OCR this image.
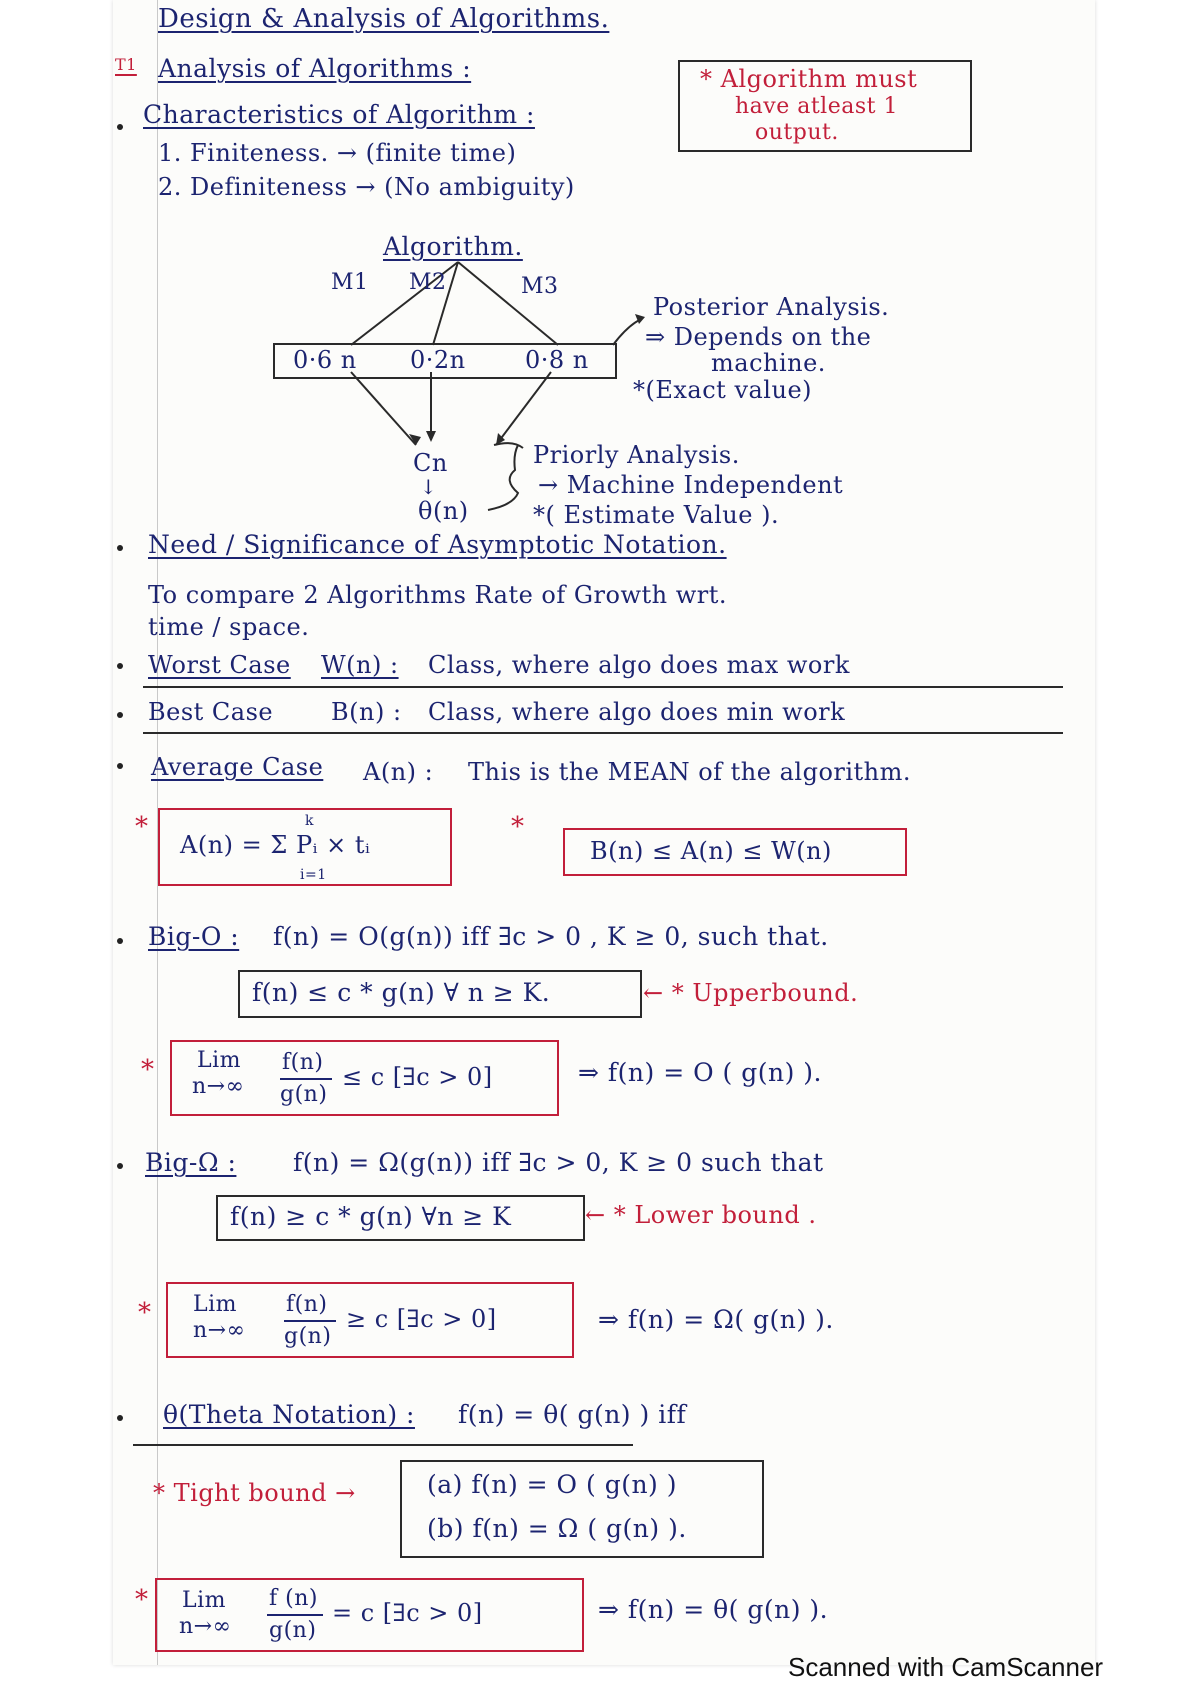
Design & Analysis of Algorithms.
T1 Analysis of Algorithms :	* Algorithm must
have atleast 1
output.
Characteristics of Algorithm :
1. Finiteness. → (finite time)
2. Definiteness → (No ambiguity)
Algorithm.
M1 M2	M3
0·6 n 0·2n 0·8 n
Posterior Analysis.
⇒ Depends on the
machine.
*(Exact value)
Cn
↓
θ(n)
Priorly Analysis.
→ Machine Independent
*( Estimate Value ).
Need / Significance of Asymptotic Notation.
To compare 2 Algorithms Rate of Growth wrt.
time / space.
Worst Case W(n) : Class, where algo does max work
Best Case B(n) : Class, where algo does min work
Average Case A(n) : This is the MEAN of the algorithm.
*
A(n) = Σ Pᵢ × tᵢ
k
i=1
*
B(n) ≤ A(n) ≤ W(n)
Big-O : f(n) = O(g(n)) iff ∃c > 0 , K ≥ 0, such that.
f(n) ≤ c * g(n) ∀ n ≥ K.	← * Upperbound.
* Lim
n→∞
f(n)
g(n)
≤ c [∃c > 0]	⇒ f(n) = O ( g(n) ).
Big-Ω : f(n) = Ω(g(n)) iff ∃c > 0, K ≥ 0 such that
f(n) ≥ c * g(n) ∀n ≥ K	← * Lower bound .
* Lim
n→∞
f(n)
g(n)
≥ c [∃c > 0]	⇒ f(n) = Ω( g(n) ).
θ(Theta Notation) : f(n) = θ( g(n) ) iff
* Tight bound →	(a) f(n) = O ( g(n) )
(b) f(n) = Ω ( g(n) ).
* Lim
n→∞
f (n)
g(n)
= c [∃c > 0]	⇒ f(n) = θ( g(n) ).
Scanned with CamScanner
